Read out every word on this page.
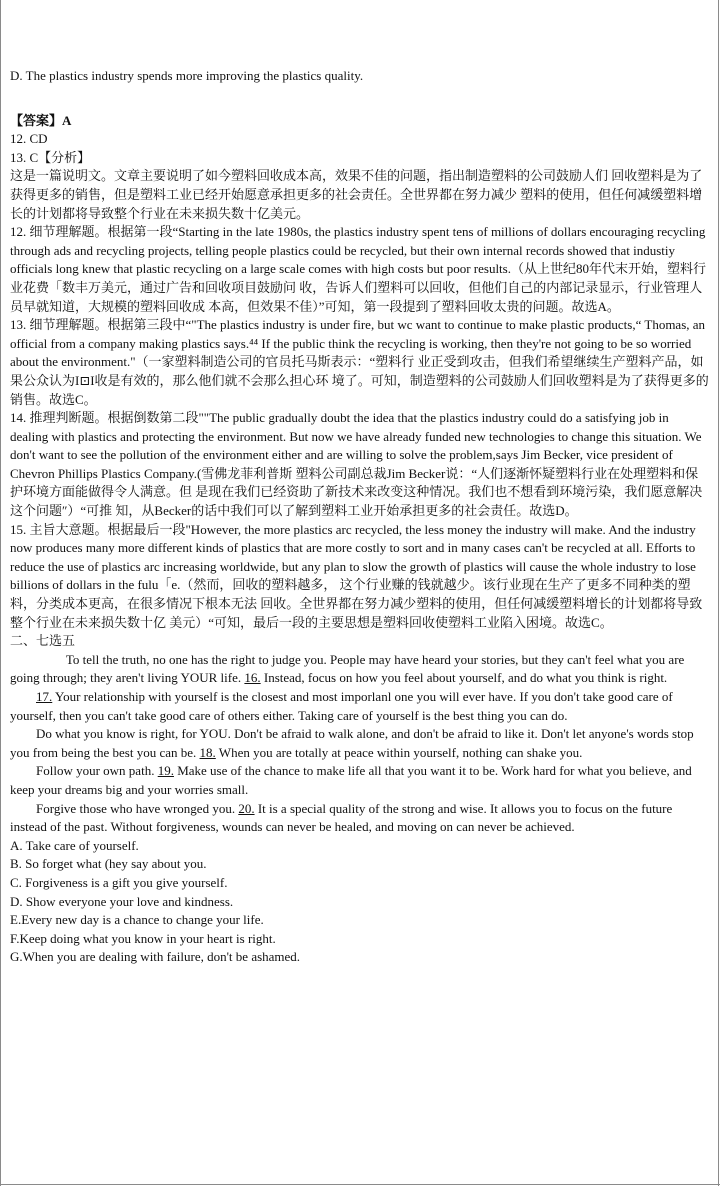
D. The plastics industry spends more improving the plastics quality.

【答案】A

12. CD

13. C【分析】

这是一篇说明文。文章主要说明了如今塑料回收成本高，效果不佳的问题，指出制造塑料的公司鼓励人们 回收塑料是为了获得更多的销售，但是塑料工业已经开始愿意承担更多的社会责任。全世界都在努力减少 塑料的使用，但任何减缓塑料增长的计划都将导致整个行业在未来损失数十亿美元。

12. 细节理解题。根据第一段“Starting in the late 1980s, the plastics industry spent tens of millions of dollars encouraging recycling through ads and recycling projects, telling people plastics could be recycled, but their own internal records showed that industiy officials long knew that plastic recycling on a large scale comes with high costs but poor results.（从上世纪80年代末开始，塑料行业花费「数丰万美元，通过广告和回收项目鼓励问 收，告诉人们塑料可以回收，但他们自己的内部记录显示，行业管理人员早就知道，大规模的塑料回收成 本高，但效果不佳）”可知，第一段提到了塑料回收太贵的问题。故选A。

13. 细节理解题。根据第三段中“"The plastics industry is under fire, but wc want to continue to make plastic products,“ Thomas, an official from a company making plastics says.⁴⁴ If the public think the recycling is working, then they're not going to be so worried about the environment."（一家塑料制造公司的官员托马斯表示：“塑料行 业正受到攻击，但我们希望继续生产塑料产品，如果公众认为I⊡I收是有效的，那么他们就不会那么担心环 境了。可知，制造塑料的公司鼓励人们回收塑料是为了获得更多的销售。故选C。

14. 推理判断题。根据倒数第二段""The public gradually doubt the idea that the plastics industry could do a satisfying job in dealing with plastics and protecting the environment. But now we have already funded new technologies to change this situation. We don't want to see the pollution of the environment either and are willing to solve the problem,says Jim Becker, vice president of Chevron Phillips Plastics Company.(雪佛龙菲利普斯 塑料公司副总裁Jim Becker说：“人们逐渐怀疑塑料行业在处理塑料和保护环境方面能做得令人满意。但 是现在我们已经资助了新技术来改变这种情况。我们也不想看到环境污染，我们愿意解决这个问题″）“可推 知，从Becker的话中我们可以了解到塑料工业开始承担更多的社会责任。故选D。

15. 主旨大意题。根据最后一段"However, the more plastics arc recycled, the less money the industry will make. And the industry now produces many more different kinds of plastics that are more costly to sort and in many cases can't be recycled at all. Efforts to reduce the use of plastics arc increasing worldwide, but any plan to slow the growth of plastics will cause the whole industry to lose billions of dollars in the fulu「e.（然而，回收的塑料越多， 这个行业赚的钱就越少。该行业现在生产了更多不同种类的塑料，分类成本更高，在很多情况下根本无法 回收。全世界都在努力减少塑料的使用，但任何减缓塑料增长的计划都将导致整个行业在未来损失数十亿 美元）“可知，最后一段的主要思想是塑料回收使塑料工业陷入困境。故选C。

二、七选五

To tell the truth, no one has the right to judge you. People may have heard your stories, but they can't feel what you are going through; they aren't living YOUR life. 16. Instead, focus on how you feel about yourself, and do what you think is right.

17. Your relationship with yourself is the closest and most imporlanl one you will ever have. If you don't take good care of yourself, then you can't take good care of others either. Taking care of yourself is the best thing you can do.

Do what you know is right, for YOU. Don't be afraid to walk alone, and don't be afraid to like it. Don't let anyone's words stop you from being the best you can be. 18. When you are totally at peace within yourself, nothing can shake you.

Follow your own path. 19. Make use of the chance to make life all that you want it to be. Work hard for what you believe, and keep your dreams big and your worries small.

Forgive those who have wronged you. 20. It is a special quality of the strong and wise. It allows you to focus on the future instead of the past. Without forgiveness, wounds can never be healed, and moving on can never be achieved.

A. Take care of yourself.

B. So forget what (hey say about you.

C. Forgiveness is a gift you give yourself.

D. Show everyone your love and kindness.

E.Every new day is a chance to change your life.

F.Keep doing what you know in your heart is right.

G.When you are dealing with failure, don't be ashamed.
